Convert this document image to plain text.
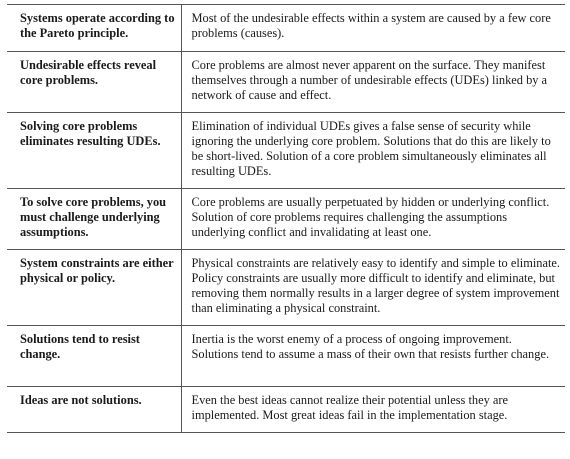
Systems operate according to the Pareto principle.	Most of the undesirable effects within a system are caused by a few core problems (causes).
Undesirable effects reveal core problems.	Core problems are almost never apparent on the surface. They manifest themselves through a number of undesirable effects (UDEs) linked by a network of cause and effect.
Solving core problems eliminates resulting UDEs.	Elimination of individual UDEs gives a false sense of security while ignoring the underlying core problem. Solutions that do this are likely to be short-lived. Solution of a core problem simultaneously eliminates all resulting UDEs.
To solve core problems, you must challenge underlying assumptions.	Core problems are usually perpetuated by hidden or underlying conflict. Solution of core problems requires challenging the assumptions underlying conflict and invalidating at least one.
System constraints are either physical or policy.	Physical constraints are relatively easy to identify and simple to eliminate. Policy constraints are usually more difficult to identify and eliminate, but removing them normally results in a larger degree of system improvement than eliminating a physical constraint.
Solutions tend to resist change.	Inertia is the worst enemy of a process of ongoing improvement. Solutions tend to assume a mass of their own that resists further change.
Ideas are not solutions.	Even the best ideas cannot realize their potential unless they are implemented. Most great ideas fail in the implementation stage.
